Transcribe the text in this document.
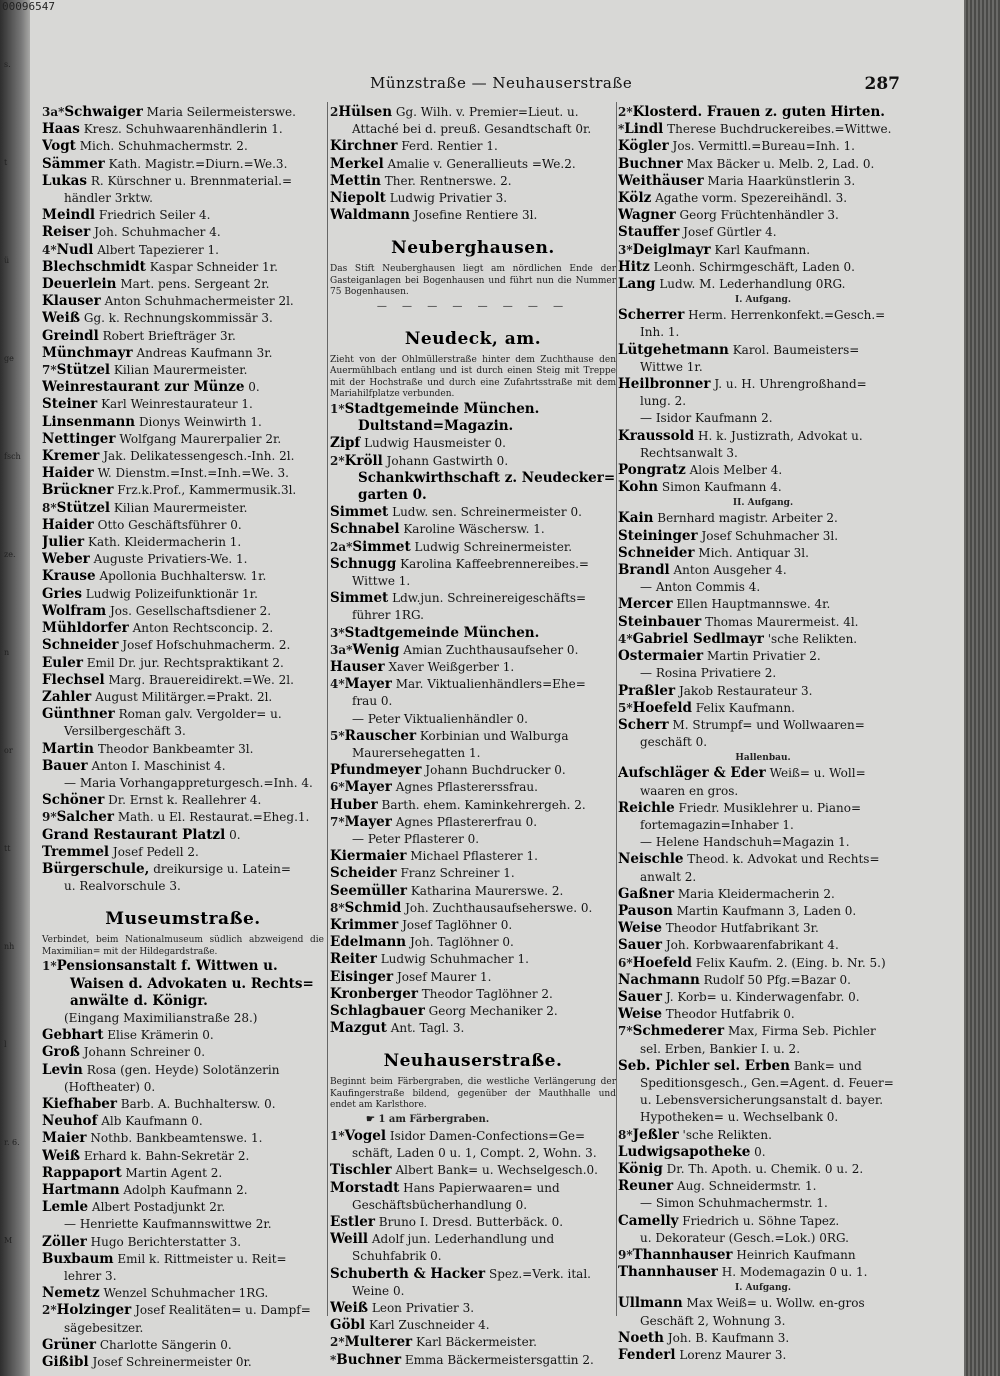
00096547
s.
t
ü
ge
fsch
ze.
n
or
tt
nh
l
r. 6.
M
Münzstraße — Neuhauserstraße	287
3a*Schwaiger Maria Seilermeisterswe.
Haas Kresz. Schuhwaarenhändlerin 1.
Vogt Mich. Schuhmachermstr. 2.
Sämmer Kath. Magistr.=Diurn.=We.3.
Lukas R. Kürschner u. Brennmaterial.=
händler 3rktw.
Meindl Friedrich Seiler 4.
Reiser Joh. Schuhmacher 4.
4*Nudl Albert Tapezierer 1.
Blechschmidt Kaspar Schneider 1r.
Deuerlein Mart. pens. Sergeant 2r.
Klauser Anton Schuhmachermeister 2l.
Weiß Gg. k. Rechnungskommissär 3.
Greindl Robert Briefträger 3r.
Münchmayr Andreas Kaufmann 3r.
7*Stützel Kilian Maurermeister.
Weinrestaurant zur Münze 0.
Steiner Karl Weinrestaurateur 1.
Linsenmann Dionys Weinwirth 1.
Nettinger Wolfgang Maurerpalier 2r.
Kremer Jak. Delikatessengesch.-Inh. 2l.
Haider W. Dienstm.=Inst.=Inh.=We. 3.
Brückner Frz.k.Prof., Kammermusik.3l.
8*Stützel Kilian Maurermeister.
Haider Otto Geschäftsführer 0.
Julier Kath. Kleidermacherin 1.
Weber Auguste Privatiers-We. 1.
Krause Apollonia Buchhaltersw. 1r.
Gries Ludwig Polizeifunktionär 1r.
Wolfram Jos. Gesellschaftsdiener 2.
Mühldorfer Anton Rechtsconcip. 2.
Schneider Josef Hofschuhmacherm. 2.
Euler Emil Dr. jur. Rechtspraktikant 2.
Flechsel Marg. Brauereidirekt.=We. 2l.
Zahler August Militärger.=Prakt. 2l.
Günthner Roman galv. Vergolder= u.
Versilbergeschäft 3.
Martin Theodor Bankbeamter 3l.
Bauer Anton I. Maschinist 4.
— Maria Vorhangappreturgesch.=Inh. 4.
Schöner Dr. Ernst k. Reallehrer 4.
9*Salcher Math. u El. Restaurat.=Eheg.1.
Grand Restaurant Platzl 0.
Tremmel Josef Pedell 2.
Bürgerschule, dreikursige u. Latein=
u. Realvorschule 3.
Museumstraße.
Verbindet, beim Nationalmuseum südlich abzweigend die Maximilian= mit der Hildegardstraße.
1*Pensionsanstalt f. Wittwen u.
Waisen d. Advokaten u. Rechts=
anwälte d. Königr.
(Eingang Maximilianstraße 28.)
Gebhart Elise Krämerin 0.
Groß Johann Schreiner 0.
Levin Rosa (gen. Heyde) Solotänzerin
(Hoftheater) 0.
Kiefhaber Barb. A. Buchhaltersw. 0.
Neuhof Alb Kaufmann 0.
Maier Nothb. Bankbeamtenswe. 1.
Weiß Erhard k. Bahn-Sekretär 2.
Rappaport Martin Agent 2.
Hartmann Adolph Kaufmann 2.
Lemle Albert Postadjunkt 2r.
— Henriette Kaufmannswittwe 2r.
Zöller Hugo Berichterstatter 3.
Buxbaum Emil k. Rittmeister u. Reit=
lehrer 3.
Nemetz Wenzel Schuhmacher 1RG.
2*Holzinger Josef Realitäten= u. Dampf=
sägebesitzer.
Grüner Charlotte Sängerin 0.
Gißibl Josef Schreinermeister 0r.
2Hülsen Gg. Wilh. v. Premier=Lieut. u.
Attaché bei d. preuß. Gesandtschaft 0r.
Kirchner Ferd. Rentier 1.
Merkel Amalie v. Generallieuts =We.2.
Mettin Ther. Rentnerswe. 2.
Niepolt Ludwig Privatier 3.
Waldmann Josefine Rentiere 3l.
Neuberghausen.
Das Stift Neuberghausen liegt am nördlichen Ende der Gasteiganlagen bei Bogenhausen und führt nun die Nummer 75 Bogenhausen.
— — — — — — — —
Neudeck, am.
Zieht von der Ohlmüllerstraße hinter dem Zuchthause den Auermühlbach entlang und ist durch einen Steig mit Treppe mit der Hochstraße und durch eine Zufahrtsstraße mit dem Mariahilfplatze verbunden.
1*Stadtgemeinde München.
Dultstand=Magazin.
Zipf Ludwig Hausmeister 0.
2*Kröll Johann Gastwirth 0.
Schankwirthschaft z. Neudecker=
garten 0.
Simmet Ludw. sen. Schreinermeister 0.
Schnabel Karoline Wäschersw. 1.
2a*Simmet Ludwig Schreinermeister.
Schnugg Karolina Kaffeebrennereibes.=
Wittwe 1.
Simmet Ldw.jun. Schreinereigeschäfts=
führer 1RG.
3*Stadtgemeinde München.
3a*Wenig Amian Zuchthausaufseher 0.
Hauser Xaver Weißgerber 1.
4*Mayer Mar. Viktualienhändlers=Ehe=
frau 0.
— Peter Viktualienhändler 0.
5*Rauscher Korbinian und Walburga
Maurersehegatten 1.
Pfundmeyer Johann Buchdrucker 0.
6*Mayer Agnes Pflastererssfrau.
Huber Barth. ehem. Kaminkehrergeh. 2.
7*Mayer Agnes Pflastererfrau 0.
— Peter Pflasterer 0.
Kiermaier Michael Pflasterer 1.
Scheider Franz Schreiner 1.
Seemüller Katharina Maurerswe. 2.
8*Schmid Joh. Zuchthausaufseherswe. 0.
Krimmer Josef Taglöhner 0.
Edelmann Joh. Taglöhner 0.
Reiter Ludwig Schuhmacher 1.
Eisinger Josef Maurer 1.
Kronberger Theodor Taglöhner 2.
Schlagbauer Georg Mechaniker 2.
Mazgut Ant. Tagl. 3.
Neuhauserstraße.
Beginnt beim Färbergraben, die westliche Verlängerung der Kaufingerstraße bildend, gegenüber der Mauthhalle und endet am Karlsthore.
☛ 1 am Färbergraben.
1*Vogel Isidor Damen-Confections=Ge=
schäft, Laden 0 u. 1, Compt. 2, Wohn. 3.
Tischler Albert Bank= u. Wechselgesch.0.
Morstadt Hans Papierwaaren= und
Geschäftsbücherhandlung 0.
Estler Bruno I. Dresd. Butterbäck. 0.
Weill Adolf jun. Lederhandlung und
Schuhfabrik 0.
Schuberth & Hacker Spez.=Verk. ital.
Weine 0.
Weiß Leon Privatier 3.
Göbl Karl Zuschneider 4.
2*Multerer Karl Bäckermeister.
*Buchner Emma Bäckermeistersgattin 2.
2*Klosterd. Frauen z. guten Hirten.
*Lindl Therese Buchdruckereibes.=Wittwe.
Kögler Jos. Vermittl.=Bureau=Inh. 1.
Buchner Max Bäcker u. Melb. 2, Lad. 0.
Weithäuser Maria Haarkünstlerin 3.
Kölz Agathe vorm. Spezereihändl. 3.
Wagner Georg Früchtenhändler 3.
Stauffer Josef Gürtler 4.
3*Deiglmayr Karl Kaufmann.
Hitz Leonh. Schirmgeschäft, Laden 0.
Lang Ludw. M. Lederhandlung 0RG.
I. Aufgang.
Scherrer Herm. Herrenkonfekt.=Gesch.=
Inh. 1.
Lütgehetmann Karol. Baumeisters=
Wittwe 1r.
Heilbronner J. u. H. Uhrengroßhand=
lung. 2.
— Isidor Kaufmann 2.
Kraussold H. k. Justizrath, Advokat u.
Rechtsanwalt 3.
Pongratz Alois Melber 4.
Kohn Simon Kaufmann 4.
II. Aufgang.
Kain Bernhard magistr. Arbeiter 2.
Steininger Josef Schuhmacher 3l.
Schneider Mich. Antiquar 3l.
Brandl Anton Ausgeher 4.
— Anton Commis 4.
Mercer Ellen Hauptmannswe. 4r.
Steinbauer Thomas Maurermeist. 4l.
4*Gabriel Sedlmayr 'sche Relikten.
Ostermaier Martin Privatier 2.
— Rosina Privatiere 2.
Praßler Jakob Restaurateur 3.
5*Hoefeld Felix Kaufmann.
Scherr M. Strumpf= und Wollwaaren=
geschäft 0.
Hallenbau.
Aufschläger & Eder Weiß= u. Woll=
waaren en gros.
Reichle Friedr. Musiklehrer u. Piano=
fortemagazin=Inhaber 1.
— Helene Handschuh=Magazin 1.
Neischle Theod. k. Advokat und Rechts=
anwalt 2.
Gaßner Maria Kleidermacherin 2.
Pauson Martin Kaufmann 3, Laden 0.
Weise Theodor Hutfabrikant 3r.
Sauer Joh. Korbwaarenfabrikant 4.
6*Hoefeld Felix Kaufm. 2. (Eing. b. Nr. 5.)
Nachmann Rudolf 50 Pfg.=Bazar 0.
Sauer J. Korb= u. Kinderwagenfabr. 0.
Weise Theodor Hutfabrik 0.
7*Schmederer Max, Firma Seb. Pichler
sel. Erben, Bankier I. u. 2.
Seb. Pichler sel. Erben Bank= und
Speditionsgesch., Gen.=Agent. d. Feuer=
u. Lebensversicherungsanstalt d. bayer.
Hypotheken= u. Wechselbank 0.
8*Jeßler 'sche Relikten.
Ludwigsapotheke 0.
König Dr. Th. Apoth. u. Chemik. 0 u. 2.
Reuner Aug. Schneidermstr. 1.
— Simon Schuhmachermstr. 1.
Camelly Friedrich u. Söhne Tapez.
u. Dekorateur (Gesch.=Lok.) 0RG.
9*Thannhauser Heinrich Kaufmann
Thannhauser H. Modemagazin 0 u. 1.
I. Aufgang.
Ullmann Max Weiß= u. Wollw. en-gros
Geschäft 2, Wohnung 3.
Noeth Joh. B. Kaufmann 3.
Fenderl Lorenz Maurer 3.
